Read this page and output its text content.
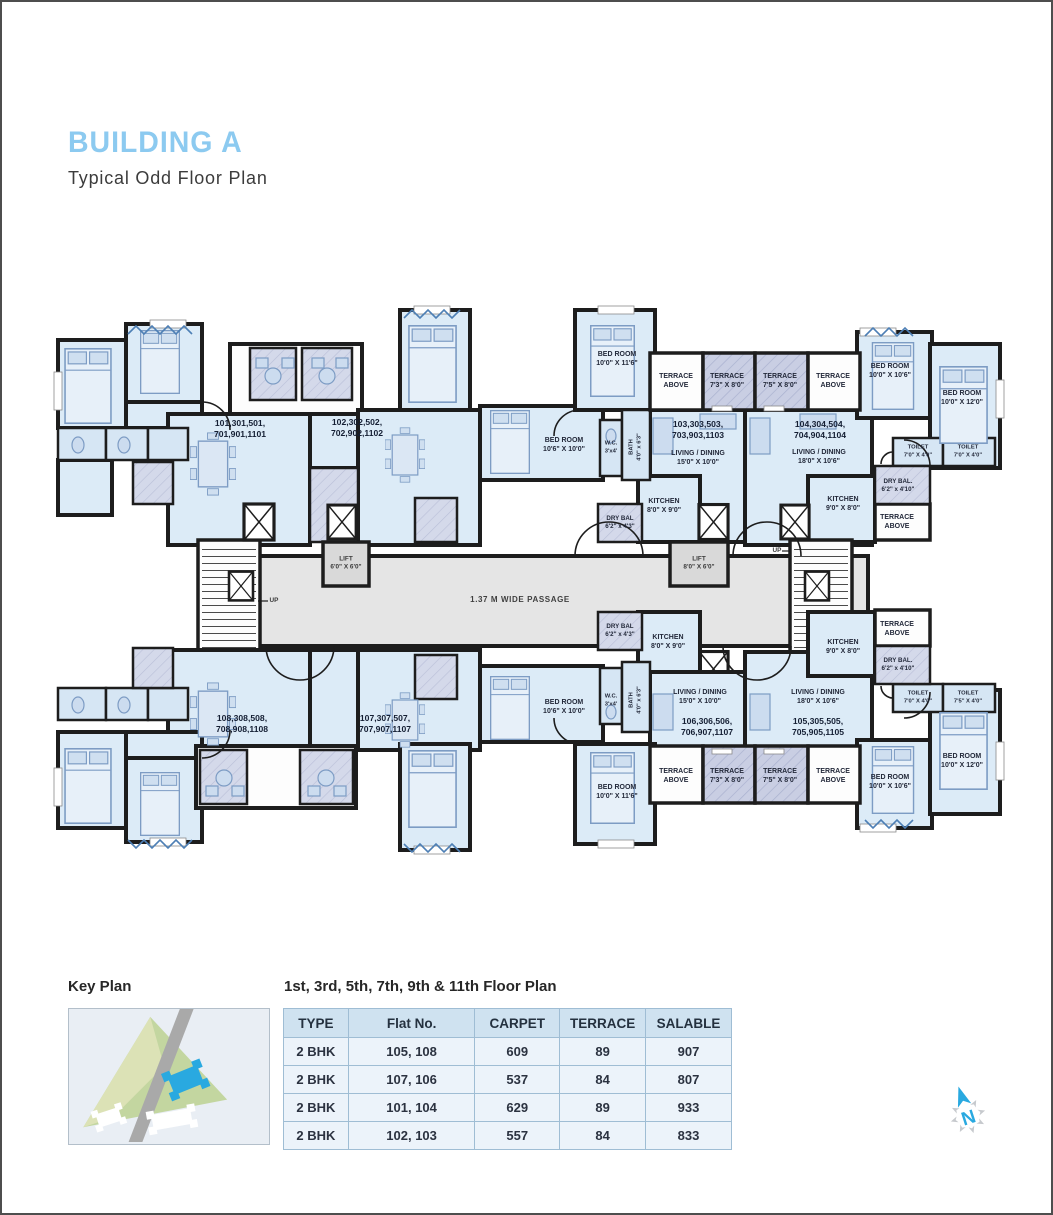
BUILDING A
Typical Odd Floor Plan
101,301,501,
701,901,1101
102,302,502,
702,902,1102
103,303,503,
703,903,1103
104,304,504,
704,904,1104
BED ROOM
10'0" X 11'6"
TERRACE
ABOVE
TERRACE
7'3" X 8'0"
TERRACE
7'5" X 8'0"
TERRACE
ABOVE
BED ROOM
10'0" X 10'6"
BED ROOM
10'0" X 12'0"
BED ROOM
10'6" X 10'0"
W.C.
3'x4' BATH
4'0" x 6'3"
LIVING / DINING
15'0" X 10'0"
LIVING / DINING
18'0" X 10'6"
TOILET
7'0" X 4'0"
TOILET
7'0" X 4'0"
DRY BAL.
6'2" x 4'10"
TERRACE
ABOVE
KITCHEN
8'0" X 9'0"
DRY BAL
6'2" x 4'3"
KITCHEN
9'0" X 8'0"
LIFT
6'0" X 6'0"
LIFT
8'0" X 6'0"
UP
UP
1.37 M WIDE PASSAGE
DRY BAL
6'2" x 4'3"	KITCHEN
8'0" X 9'0"
KITCHEN
9'0" X 8'0"
TERRACE
ABOVE
DRY BAL.
6'2" x 4'10"
LIVING / DINING
15'0" X 10'0"
106,306,506,
706,907,1107
LIVING / DINING
18'0" X 10'6"
105,305,505,
705,905,1105
BED ROOM
10'6" X 10'0"
W.C.
3'x4' BATH
4'0" x 6'3"	TOILET
7'0" X 4'0"
TOILET
7'5" X 4'0"
108,308,508,
708,908,1108
107,307,507,
707,907,1107
BED ROOM
10'0" X 11'6"
TERRACE
ABOVE
TERRACE
7'3" X 8'0"
TERRACE
7'5" X 8'0"
TERRACE
ABOVE	BED ROOM
10'0" X 10'6"
BED ROOM
10'0" X 12'0"
Key Plan	1st, 3rd, 5th, 7th, 9th & 11th Floor Plan
TYPE	Flat No.	CARPET	TERRACE	SALABLE
2 BHK	105, 108	609	89	907
2 BHK	107, 106	537	84	807
2 BHK	101, 104	629	89	933
2 BHK	102, 103	557	84	833
N
